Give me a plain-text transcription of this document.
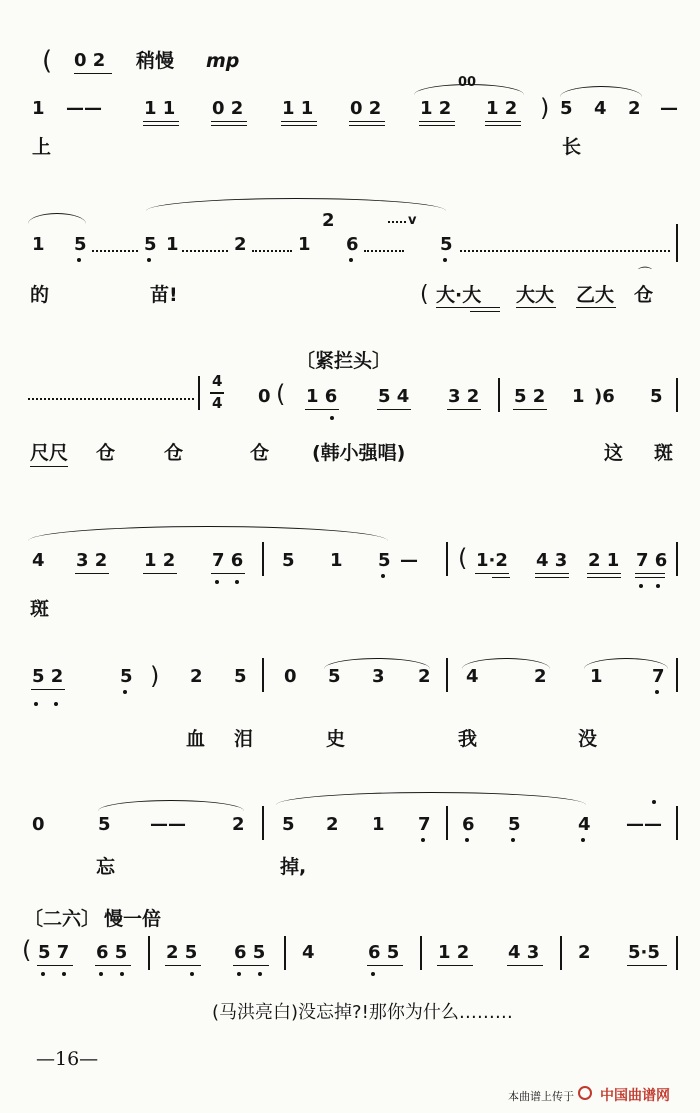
( 0 2 稍慢 mp
1 —— 1 1 0 2 1 1 0 2
00
1 2 1 2 ) 5 4 2 —
上	长
2	v
1 5	5 1	2	1 6	5
的	苗!	( 大·大 大大 乙大 仓
⌒
〔紧拦头〕
4
4 0 ( 1 6 5 4 3 2 5 2 1 )6 5
尺尺 仓	仓	仓 (韩小强唱)	这 斑
4 3 2 1 2 7 6 5 1 5 — ( 1·2 4 3 2 1 7 6
斑
5 2	5 ) 2 5 0 5 3 2 4	2 1	7
血 泪	史	我	没
0	5 ——	2 5 2 1 7 6 5	4 ——
忘	掉,
〔二六〕 慢一倍
( 5 7 6 5 2 5 6 5 4	6 5 1 2 4 3 2 5·5
(马洪亮白)没忘掉?!那你为什么………
—16—
本曲谱上传于 中国曲谱网
